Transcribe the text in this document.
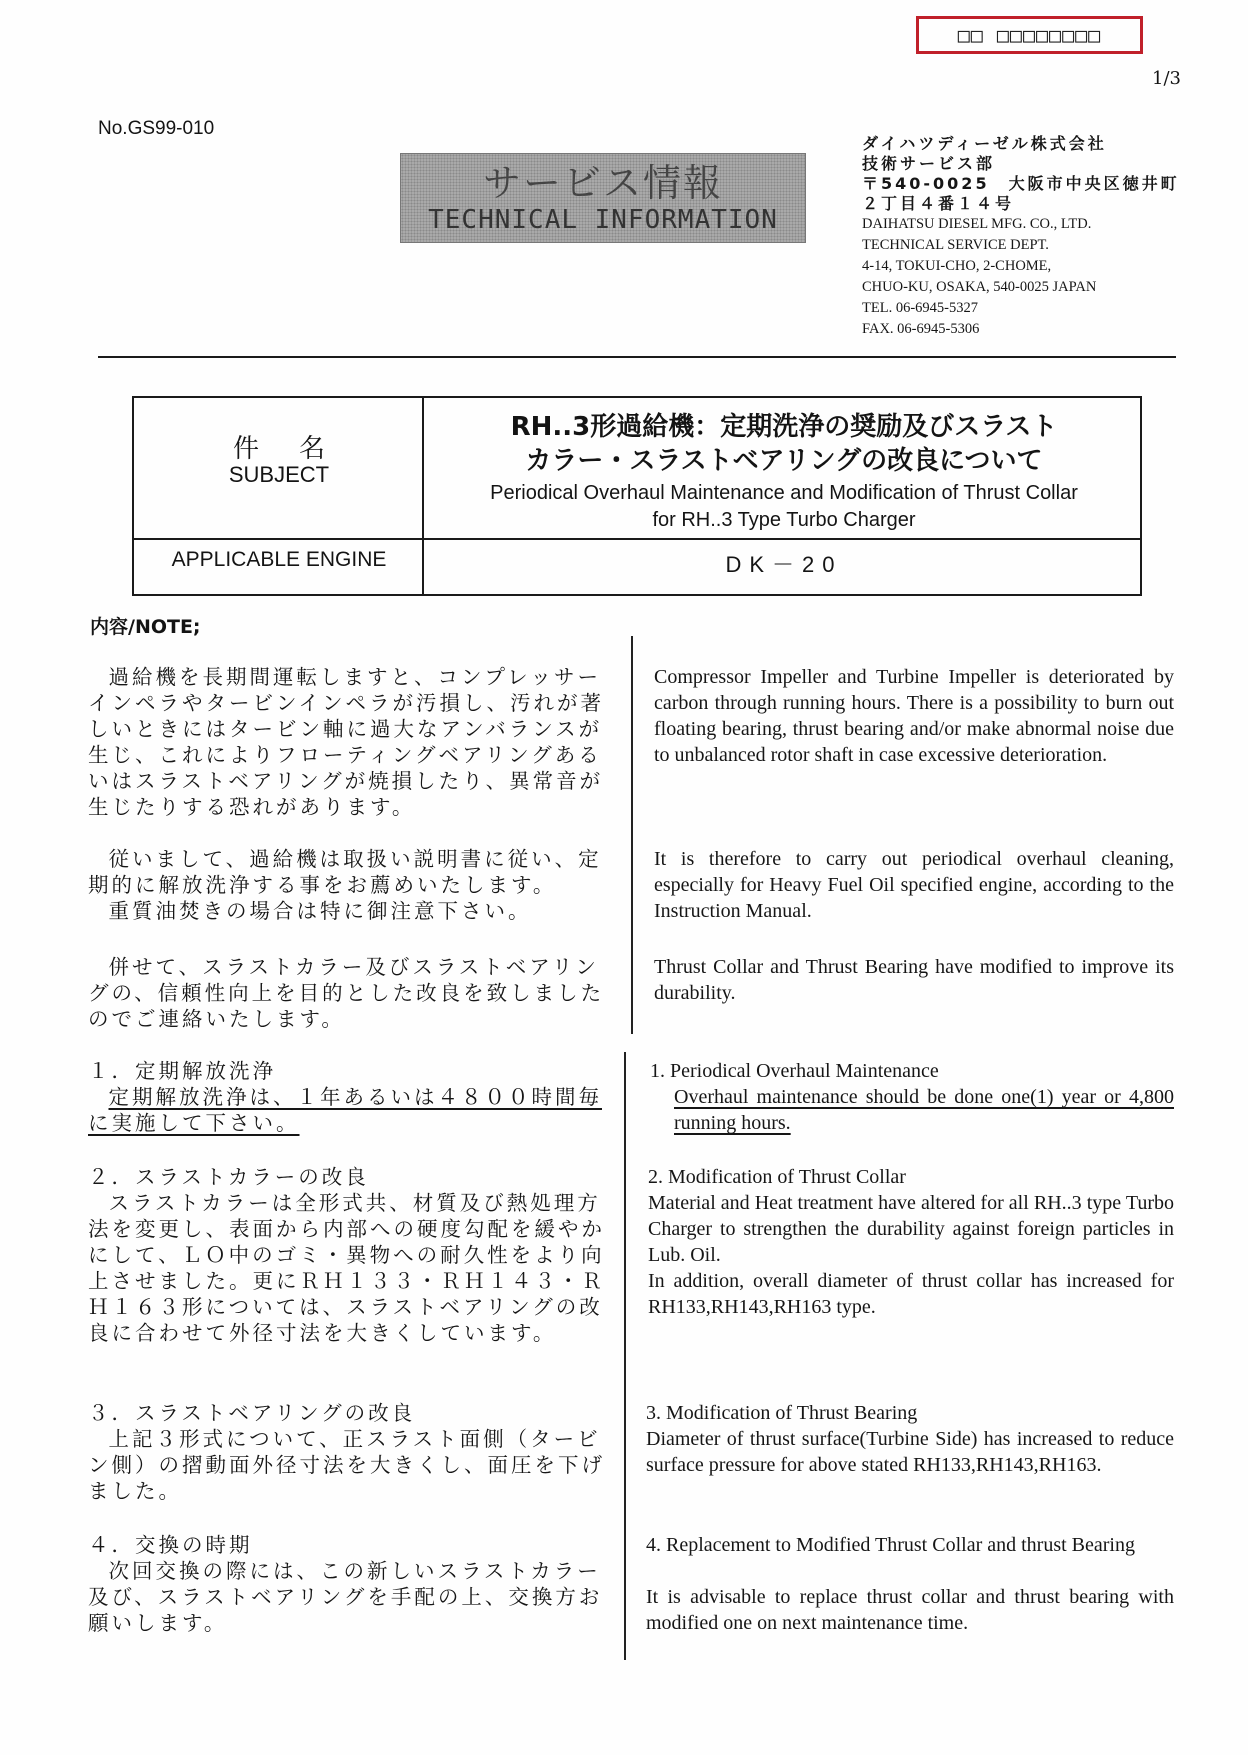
□□ □□□□□□□□
1/3
No.GS99-010
サービス情報
TECHNICAL INFORMATION
ダイハツディーゼル株式会社
技術サービス部
〒540-0025　大阪市中央区徳井町
２丁目４番１４号
DAIHATSU DIESEL MFG. CO., LTD.
TECHNICAL SERVICE DEPT.
4-14, TOKUI-CHO, 2-CHOME,
CHUO-KU, OSAKA, 540-0025 JAPAN
TEL. 06-6945-5327
FAX. 06-6945-5306
件名
SUBJECT
RH..3形過給機：定期洗浄の奨励及びスラスト
カラー・スラストベアリングの改良について
Periodical Overhaul Maintenance and Modification of Thrust Collar
for RH..3 Type Turbo Charger
APPLICABLE ENGINE	DK－20
内容/NOTE;
過給機を長期間運転しますと、コンプレッサーインペラやタービンインペラが汚損し、汚れが著しいときにはタービン軸に過大なアンバランスが生じ、これによりフローティングベアリングあるいはスラストベアリングが焼損したり、異常音が生じたりする恐れがあります。
従いまして、過給機は取扱い説明書に従い、定期的に解放洗浄する事をお薦めいたします。
重質油焚きの場合は特に御注意下さい。
併せて、スラストカラー及びスラストベアリングの、信頼性向上を目的とした改良を致しましたのでご連絡いたします。
Compressor Impeller and Turbine Impeller is deteriorated by carbon through running hours. There is a possibility to burn out floating bearing, thrust bearing and/or make abnormal noise due to unbalanced rotor shaft in case excessive deterioration.
It is therefore to carry out periodical overhaul cleaning, especially for Heavy Fuel Oil specified engine, according to the Instruction Manual.
Thrust Collar and Thrust Bearing have modified to improve its durability.
１．定期解放洗浄
定期解放洗浄は、１年あるいは４８００時間毎に実施して下さい。
1. Periodical Overhaul Maintenance
Overhaul maintenance should be done one(1) year or 4,800 running hours.
２．スラストカラーの改良
スラストカラーは全形式共、材質及び熱処理方法を変更し、表面から内部への硬度勾配を緩やかにして、ＬＯ中のゴミ・異物への耐久性をより向上させました。更にＲＨ１３３・ＲＨ１４３・ＲＨ１６３形については、スラストベアリングの改良に合わせて外径寸法を大きくしています。
2. Modification of Thrust Collar
Material and Heat treatment have altered for all RH..3 type Turbo Charger to strengthen the durability against foreign particles in Lub. Oil.
In addition, overall diameter of thrust collar has increased for RH133,RH143,RH163 type.
３．スラストベアリングの改良
上記３形式について、正スラスト面側（タービン側）の摺動面外径寸法を大きくし、面圧を下げました。
3. Modification of Thrust Bearing
Diameter of thrust surface(Turbine Side) has increased to reduce surface pressure for above stated RH133,RH143,RH163.
４．交換の時期
次回交換の際には、この新しいスラストカラー及び、スラストベアリングを手配の上、交換方お願いします。
4. Replacement to Modified Thrust Collar and thrust Bearing
It is advisable to replace thrust collar and thrust bearing with modified one on next maintenance time.
